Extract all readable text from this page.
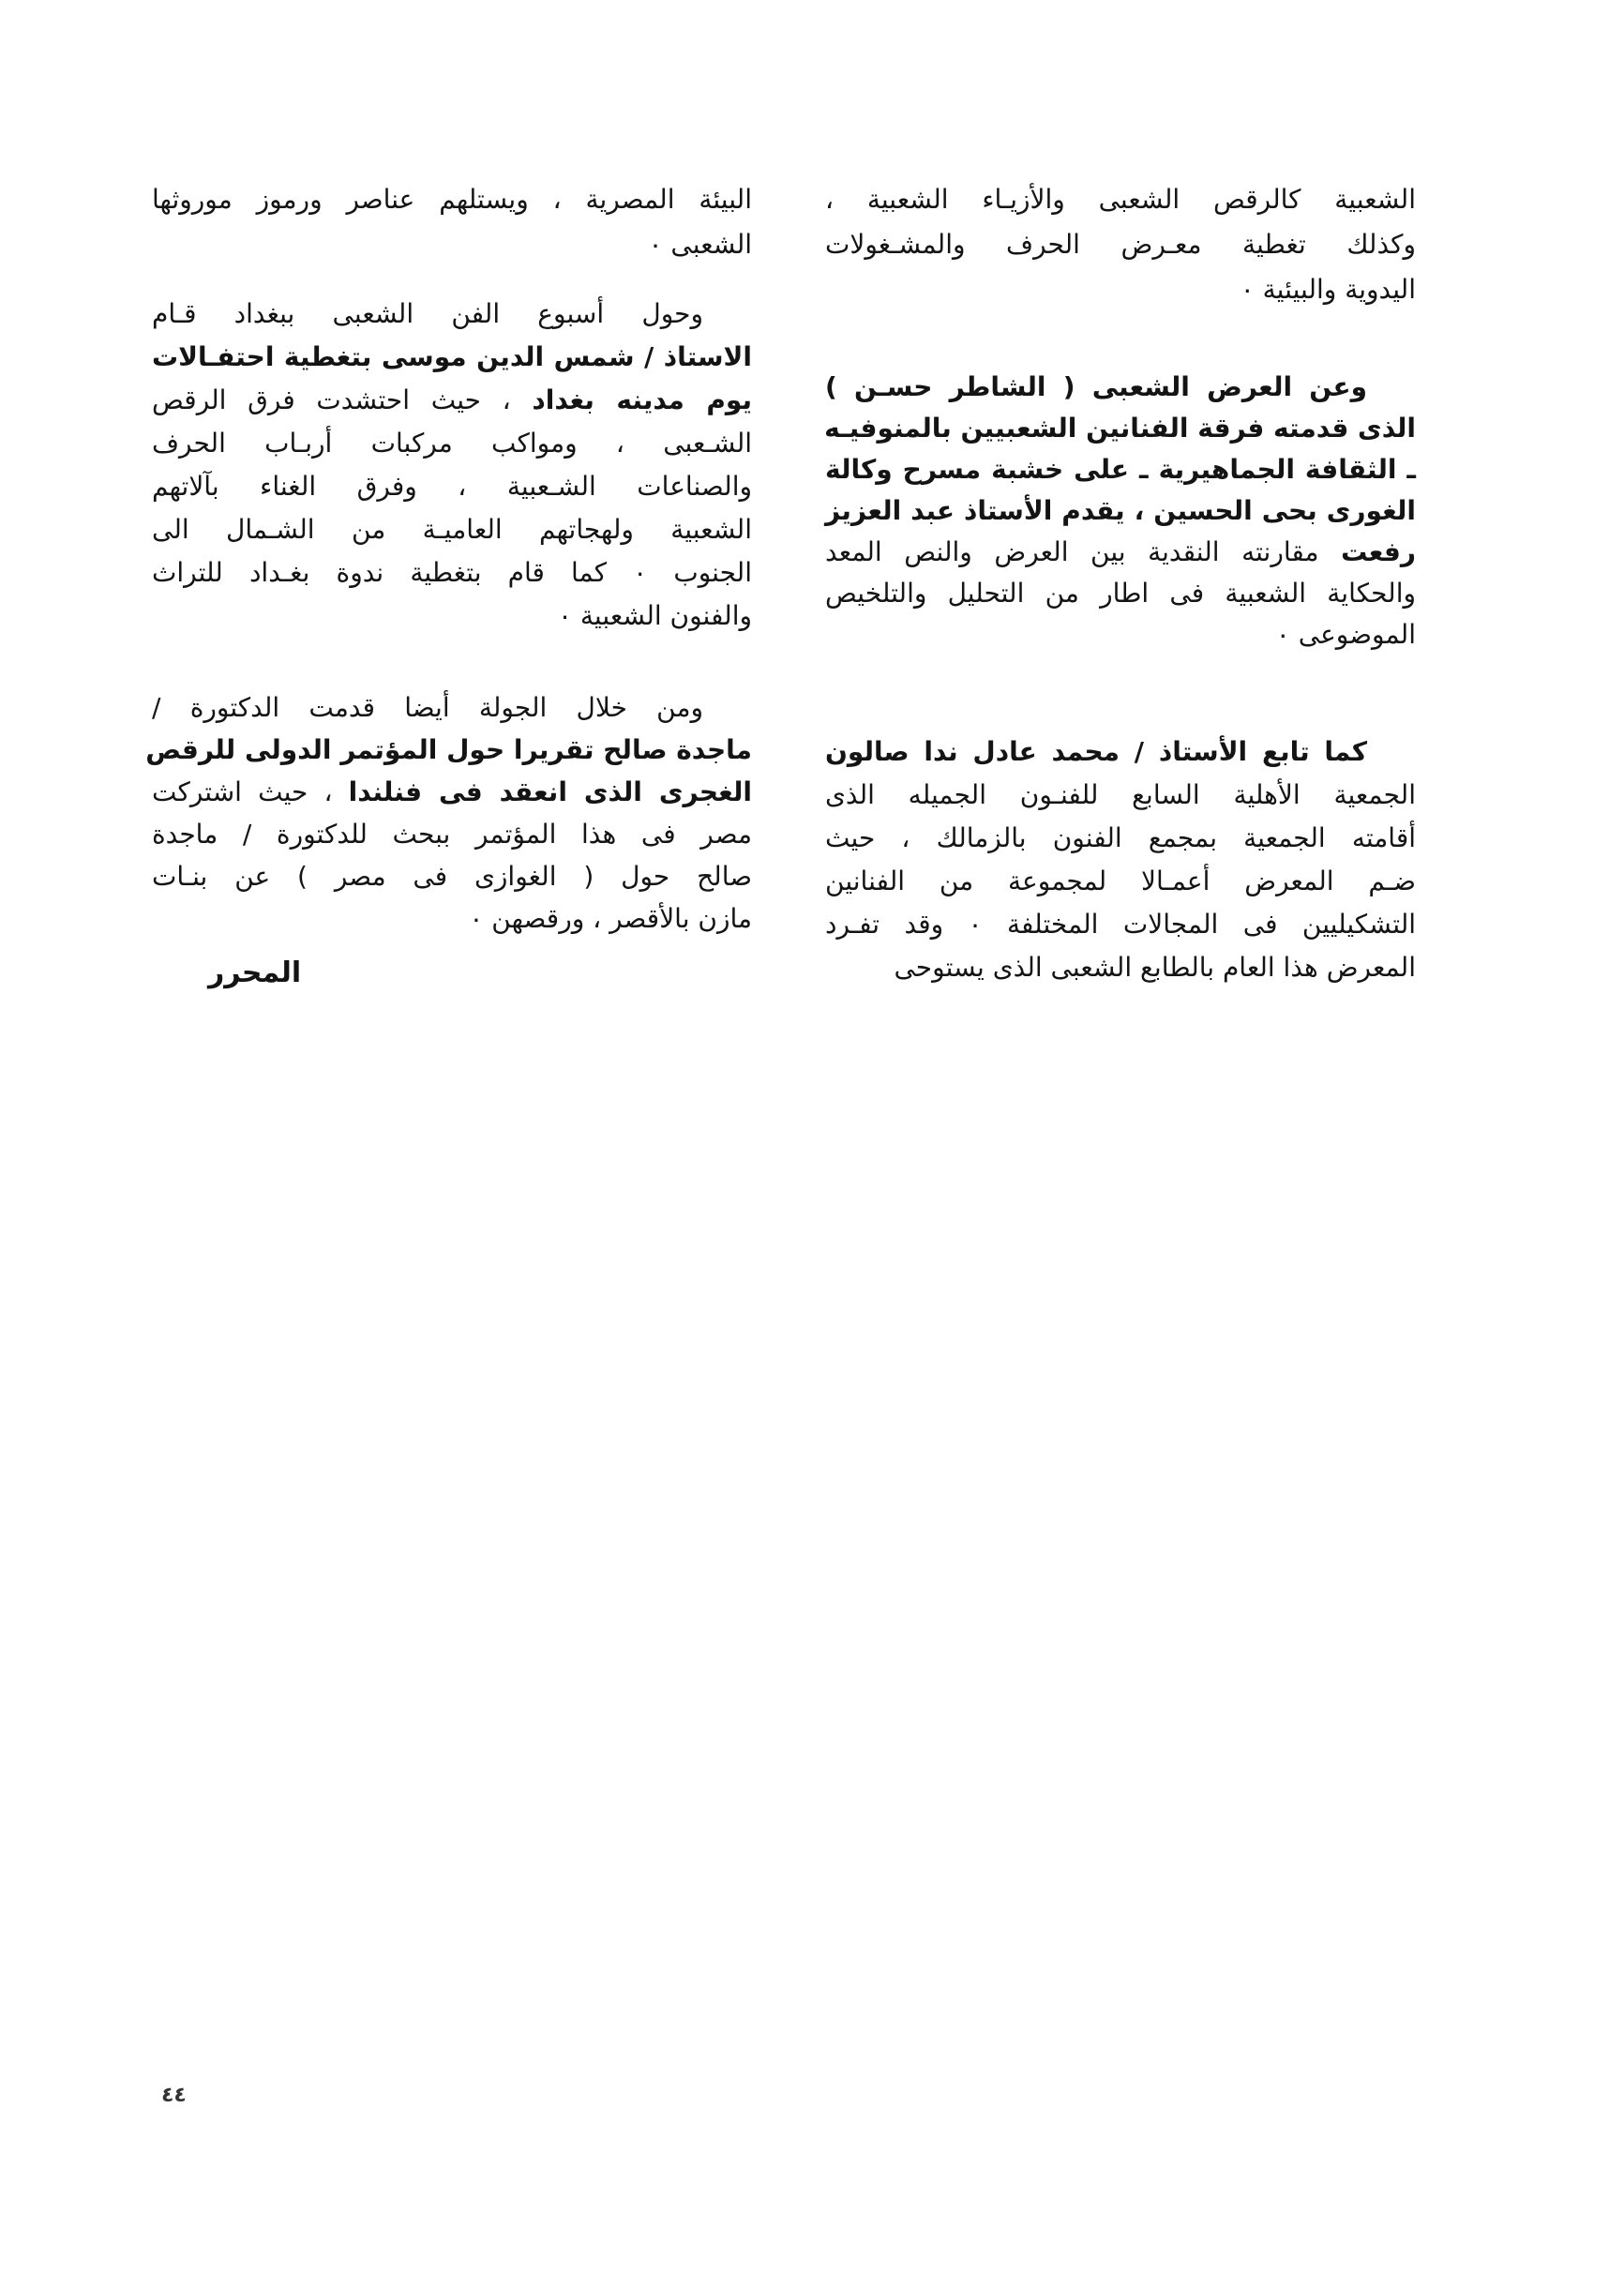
الشعبية كالرقص الشعبى والأزيـاء الشعبية ،
وكذلك تغطية معـرض الحرف والمشـغولات
اليدوية والبيئية ٠
وعن العرض الشعبى ( الشاطر حسـن )
الذى قدمته فرقة الفنانين الشعبيين بالمنوفيـه
ـ الثقافة الجماهيرية ـ على خشبة مسرح وكالة
الغورى بحى الحسين ، يقدم الأستاذ عبد العزيز
رفعت مقارنته النقدية بين العرض والنص المعد
والحكاية الشعبية فى اطار من التحليل والتلخيص
الموضوعى ٠
كما تابع الأستاذ / محمد عادل ندا صالون
الجمعية الأهلية السابع للفنـون الجميله الذى
أقامته الجمعية بمجمع الفنون بالزمالك ، حيث
ضـم المعرض أعمـالا لمجموعة من الفنانين
التشكيليين فى المجالات المختلفة ٠ وقد تفـرد
المعرض هذا العام بالطابع الشعبى الذى يستوحى
البيئة المصرية ، ويستلهم عناصر ورموز موروثها
الشعبى ٠
وحول أسبوع الفن الشعبى ببغداد قـام
الاستاذ / شمس الدين موسى بتغطية احتفـالات
يوم مدينه بغداد ، حيث احتشدت فرق الرقص
الشـعبى ، ومواكب مركبات أربـاب الحرف
والصناعات الشـعبية ، وفرق الغناء بآلاتهم
الشعبية ولهجاتهم العاميـة من الشـمال الى
الجنوب ٠ كما قام بتغطية ندوة بغـداد للتراث
والفنون الشعبية ٠
ومن خلال الجولة أيضا قدمت الدكتورة /
ماجدة صالح تقريرا حول المؤتمر الدولى للرقص
الغجرى الذى انعقد فى فنلندا ، حيث اشتركت
مصر فى هذا المؤتمر ببحث للدكتورة / ماجدة
صالح حول ( الغوازى فى مصر ) عن بنـات
مازن بالأقصر ، ورقصهن ٠
المحرر
٤٤
